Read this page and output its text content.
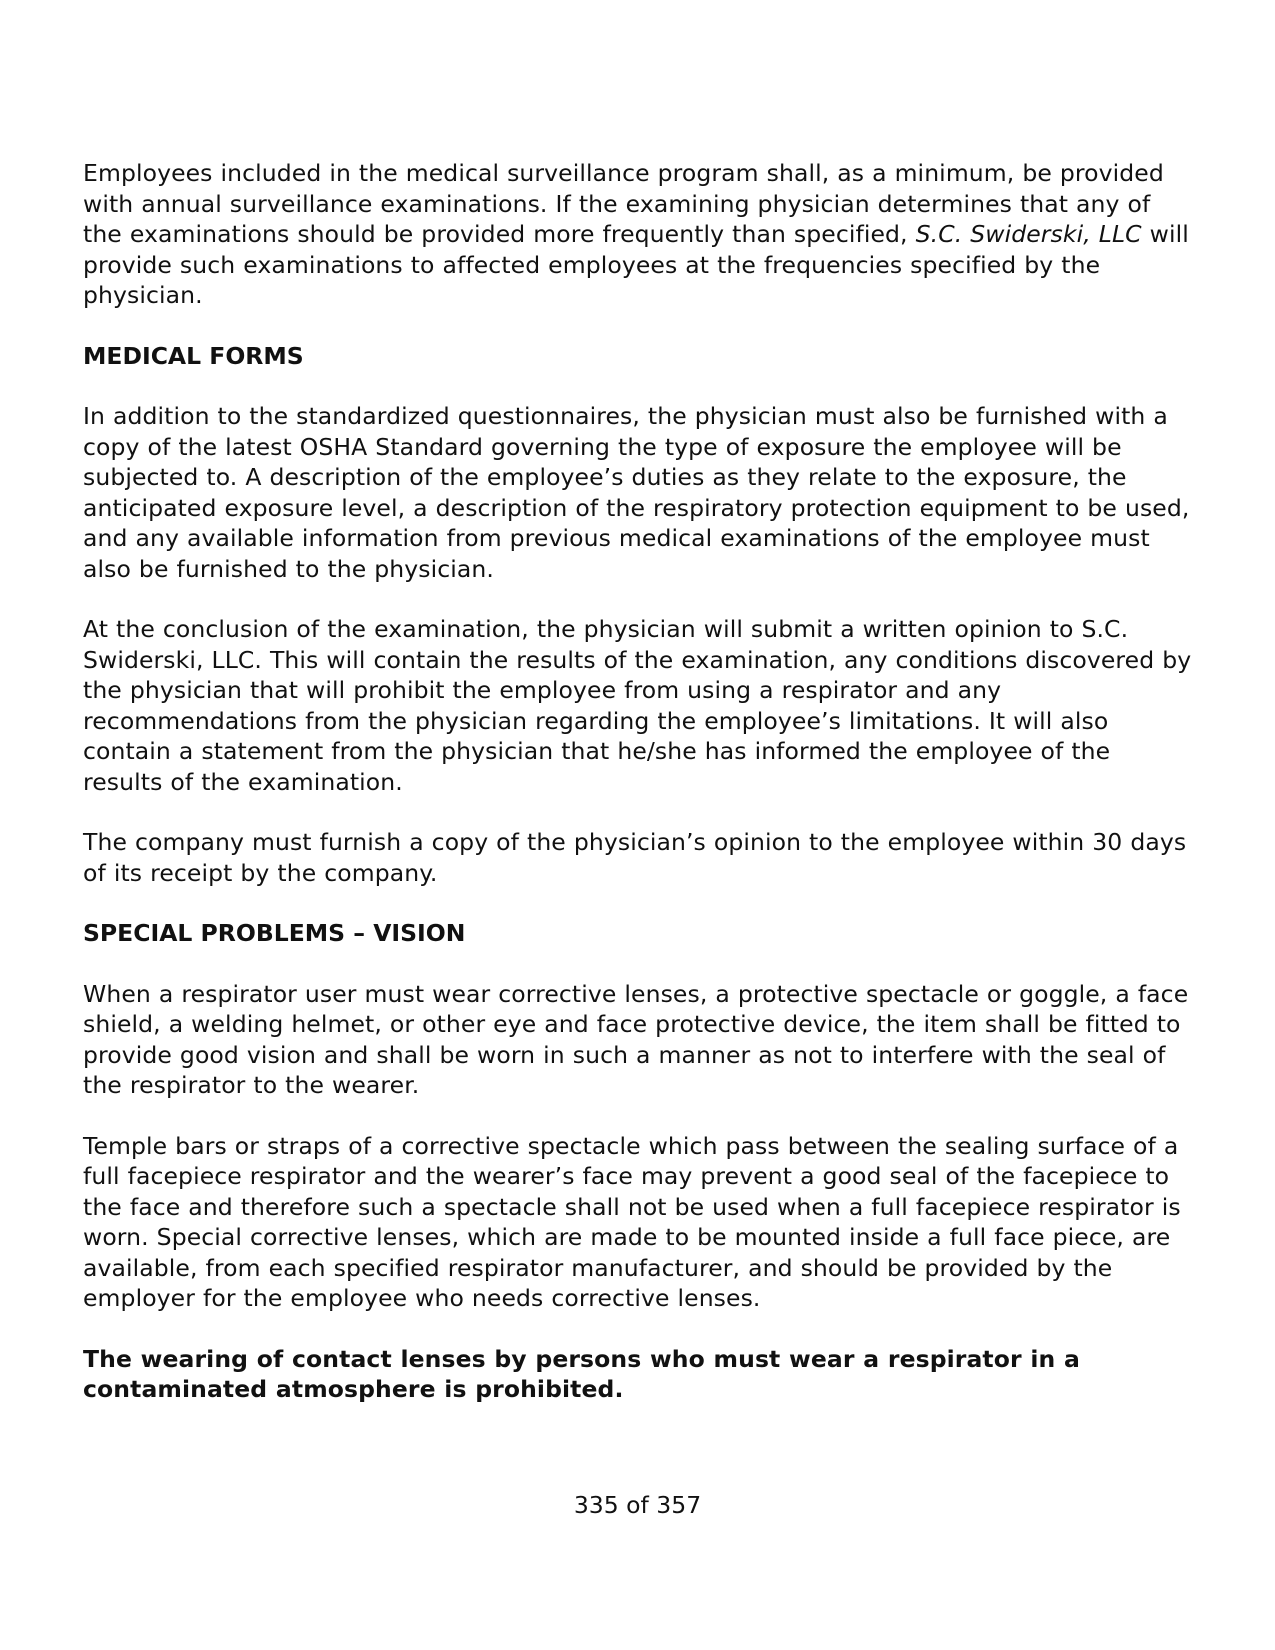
Employees included in the medical surveillance program shall, as a minimum, be provided with annual surveillance examinations. If the examining physician determines that any of the examinations should be provided more frequently than specified, S.C. Swiderski, LLC will provide such examinations to affected employees at the frequencies specified by the physician.

MEDICAL FORMS

In addition to the standardized questionnaires, the physician must also be furnished with a copy of the latest OSHA Standard governing the type of exposure the employee will be subjected to. A description of the employee’s duties as they relate to the exposure, the anticipated exposure level, a description of the respiratory protection equipment to be used, and any available information from previous medical examinations of the employee must also be furnished to the physician.

At the conclusion of the examination, the physician will submit a written opinion to S.C. Swiderski, LLC. This will contain the results of the examination, any conditions discovered by the physician that will prohibit the employee from using a respirator and any recommendations from the physician regarding the employee’s limitations. It will also contain a statement from the physician that he/she has informed the employee of the results of the examination.

The company must furnish a copy of the physician’s opinion to the employee within 30 days of its receipt by the company.

SPECIAL PROBLEMS – VISION

When a respirator user must wear corrective lenses, a protective spectacle or goggle, a face shield, a welding helmet, or other eye and face protective device, the item shall be fitted to provide good vision and shall be worn in such a manner as not to interfere with the seal of the respirator to the wearer.

Temple bars or straps of a corrective spectacle which pass between the sealing surface of a full facepiece respirator and the wearer’s face may prevent a good seal of the facepiece to the face and therefore such a spectacle shall not be used when a full facepiece respirator is worn. Special corrective lenses, which are made to be mounted inside a full face piece, are available, from each specified respirator manufacturer, and should be provided by the employer for the employee who needs corrective lenses.

The wearing of contact lenses by persons who must wear a respirator in a contaminated atmosphere is prohibited.

335 of 357
